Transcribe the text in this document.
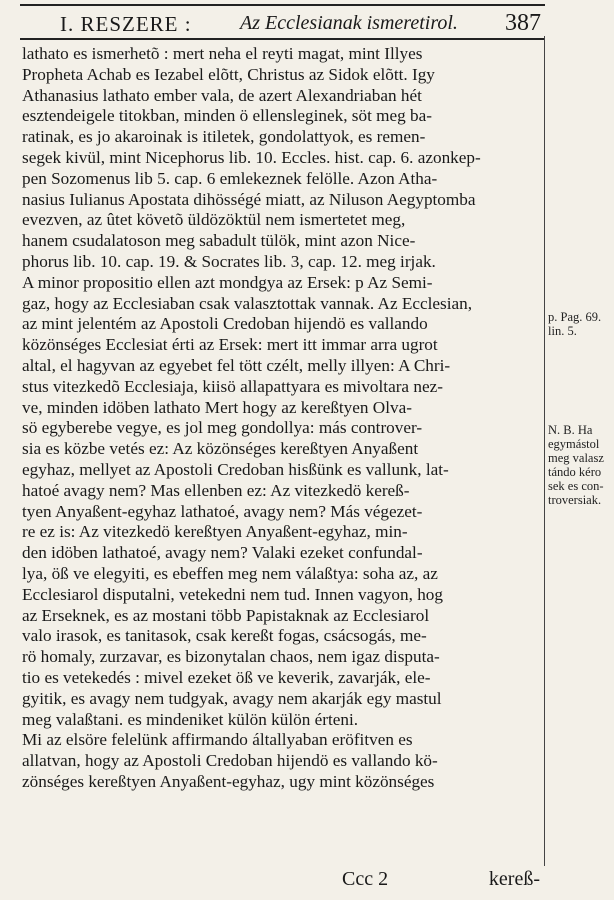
I. RESZERE : Az Ecclesianak ismeretirol. 387
lathato es ismerhetõ : mert neha el reyti magat, mint Illyes
Propheta Achab es Iezabel elõtt, Christus az Sidok elõtt. Igy
Athanasius lathato ember vala, de azert Alexandriaban hét
esztendeigele titokban, minden ö ellensleginek, söt meg ba-
ratinak, es jo akaroinak is itiletek, gondolattyok, es remen-
segek kivül, mint Nicephorus lib. 10. Eccles. hist. cap. 6. azonkep-
pen Sozomenus lib 5. cap. 6 emlekeznek felölle. Azon Atha-
nasius Iulianus Apostata dihösségé miatt, az Niluson Aegyptomba
evezven, az ûtet követõ üldözöktül nem ismertetet meg,
hanem csudalatoson meg sabadult tülök, mint azon Nice-
phorus lib. 10. cap. 19. & Socrates lib. 3, cap. 12. meg irjak.
A minor propositio ellen azt mondgya az Ersek: p Az Semi-
gaz, hogy az Ecclesiaban csak valasztottak vannak. Az Ecclesian,
az mint jelentém az Apostoli Credoban hijendö es vallando
közönséges Ecclesiat érti az Ersek: mert itt immar arra ugrot
altal, el hagyvan az egyebet fel tött czélt, melly illyen: A Chri-
stus vitezkedõ Ecclesiaja, kiisö allapattyara es mivoltara nez-
ve, minden idöben lathato Mert hogy az kereßtyen Olva-
sö egyberebe vegye, es jol meg gondollya: más controver-
sia es közbe vetés ez: Az közönséges kereßtyen Anyaßent
egyhaz, mellyet az Apostoli Credoban hisßünk es vallunk, lat-
hatoé avagy nem? Mas ellenben ez: Az vitezkedö kereß-
tyen Anyaßent-egyhaz lathatoé, avagy nem? Más végezet-
re ez is: Az vitezkedö kereßtyen Anyaßent-egyhaz, min-
den idöben lathatoé, avagy nem? Valaki ezeket confundal-
lya, öß ve elegyiti, es ebeffen meg nem válaßtya: soha az, az
Ecclesiarol disputalni, vetekedni nem tud. Innen vagyon, hog
az Erseknek, es az mostani több Papistaknak az Ecclesiarol
valo irasok, es tanitasok, csak kereßt fogas, csácsogás, me-
rö homaly, zurzavar, es bizonytalan chaos, nem igaz disputa-
tio es vetekedés : mivel ezeket öß ve keverik, zavarják, ele-
gyitik, es avagy nem tudgyak, avagy nem akarják egy mastul
meg valaßtani. es mindeniket külön külön érteni.
Mi az elsöre felelünk affirmando általlyaban eröfitven es
allatvan, hogy az Apostoli Credoban hijendö es vallando kö-
zönséges kereßtyen Anyaßent-egyhaz, ugy mint közönséges
p. Pag. 69.
lin. 5.
N. B. Ha
egymástol
meg valasz
tándo kéro
sek es con-
troversiak.
Ccc 2	kereß-
